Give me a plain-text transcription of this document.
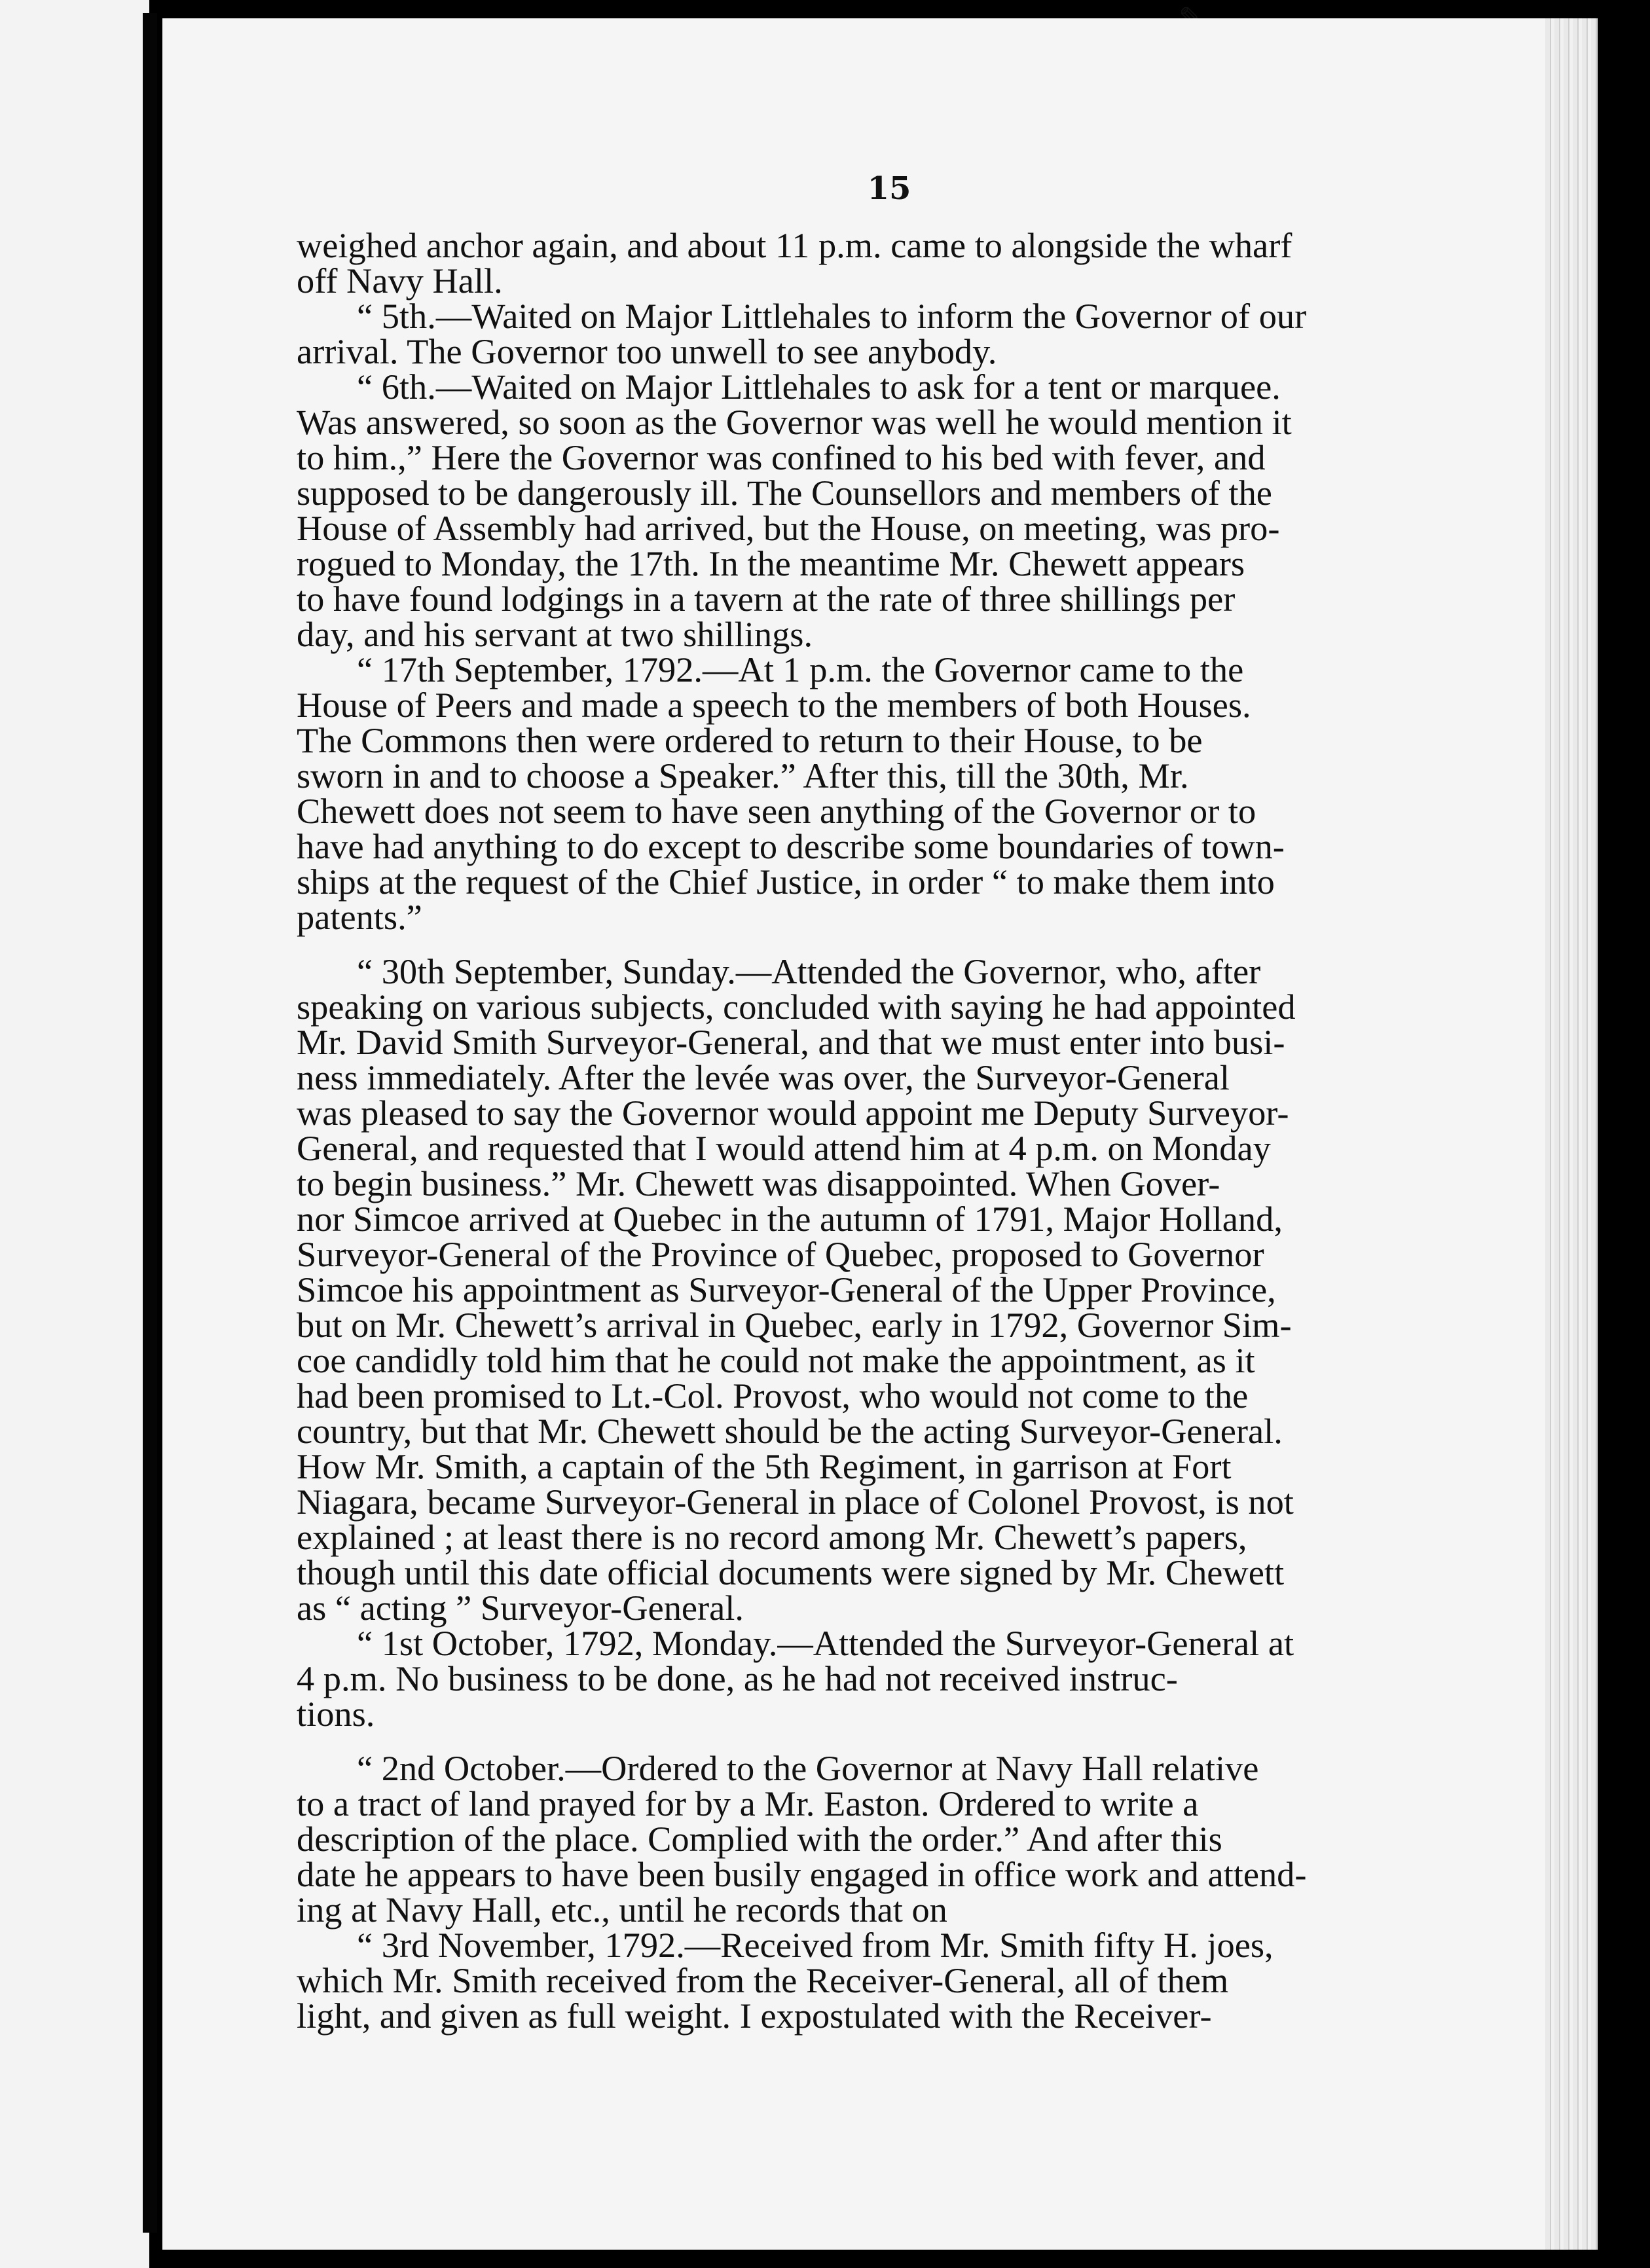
15
weighed anchor again, and about 11 p.m. came to alongside the wharf
off Navy Hall.
“ 5th.—Waited on Major Littlehales to inform the Governor of our
arrival. The Governor too unwell to see anybody.
“ 6th.—Waited on Major Littlehales to ask for a tent or marquee.
Was answered, so soon as the Governor was well he would mention it
to him.,” Here the Governor was confined to his bed with fever, and
supposed to be dangerously ill. The Counsellors and members of the
House of Assembly had arrived, but the House, on meeting, was pro-
rogued to Monday, the 17th. In the meantime Mr. Chewett appears
to have found lodgings in a tavern at the rate of three shillings per
day, and his servant at two shillings.
“ 17th September, 1792.—At 1 p.m. the Governor came to the
House of Peers and made a speech to the members of both Houses.
The Commons then were ordered to return to their House, to be
sworn in and to choose a Speaker.” After this, till the 30th, Mr.
Chewett does not seem to have seen anything of the Governor or to
have had anything to do except to describe some boundaries of town-
ships at the request of the Chief Justice, in order “ to make them into
patents.”
“ 30th September, Sunday.—Attended the Governor, who, after
speaking on various subjects, concluded with saying he had appointed
Mr. David Smith Surveyor-General, and that we must enter into busi-
ness immediately. After the levée was over, the Surveyor-General
was pleased to say the Governor would appoint me Deputy Surveyor-
General, and requested that I would attend him at 4 p.m. on Monday
to begin business.” Mr. Chewett was disappointed. When Gover-
nor Simcoe arrived at Quebec in the autumn of 1791, Major Holland,
Surveyor-General of the Province of Quebec, proposed to Governor
Simcoe his appointment as Surveyor-General of the Upper Province,
but on Mr. Chewett’s arrival in Quebec, early in 1792, Governor Sim-
coe candidly told him that he could not make the appointment, as it
had been promised to Lt.-Col. Provost, who would not come to the
country, but that Mr. Chewett should be the acting Surveyor-General.
How Mr. Smith, a captain of the 5th Regiment, in garrison at Fort
Niagara, became Surveyor-General in place of Colonel Provost, is not
explained ; at least there is no record among Mr. Chewett’s papers,
though until this date official documents were signed by Mr. Chewett
as “ acting ” Surveyor-General.
“ 1st October, 1792, Monday.—Attended the Surveyor-General at
4 p.m. No business to be done, as he had not received instruc-
tions.
“ 2nd October.—Ordered to the Governor at Navy Hall relative
to a tract of land prayed for by a Mr. Easton. Ordered to write a
description of the place. Complied with the order.” And after this
date he appears to have been busily engaged in office work and attend-
ing at Navy Hall, etc., until he records that on
“ 3rd November, 1792.—Received from Mr. Smith fifty H. joes,
which Mr. Smith received from the Receiver-General, all of them
light, and given as full weight. I expostulated with the Receiver-
